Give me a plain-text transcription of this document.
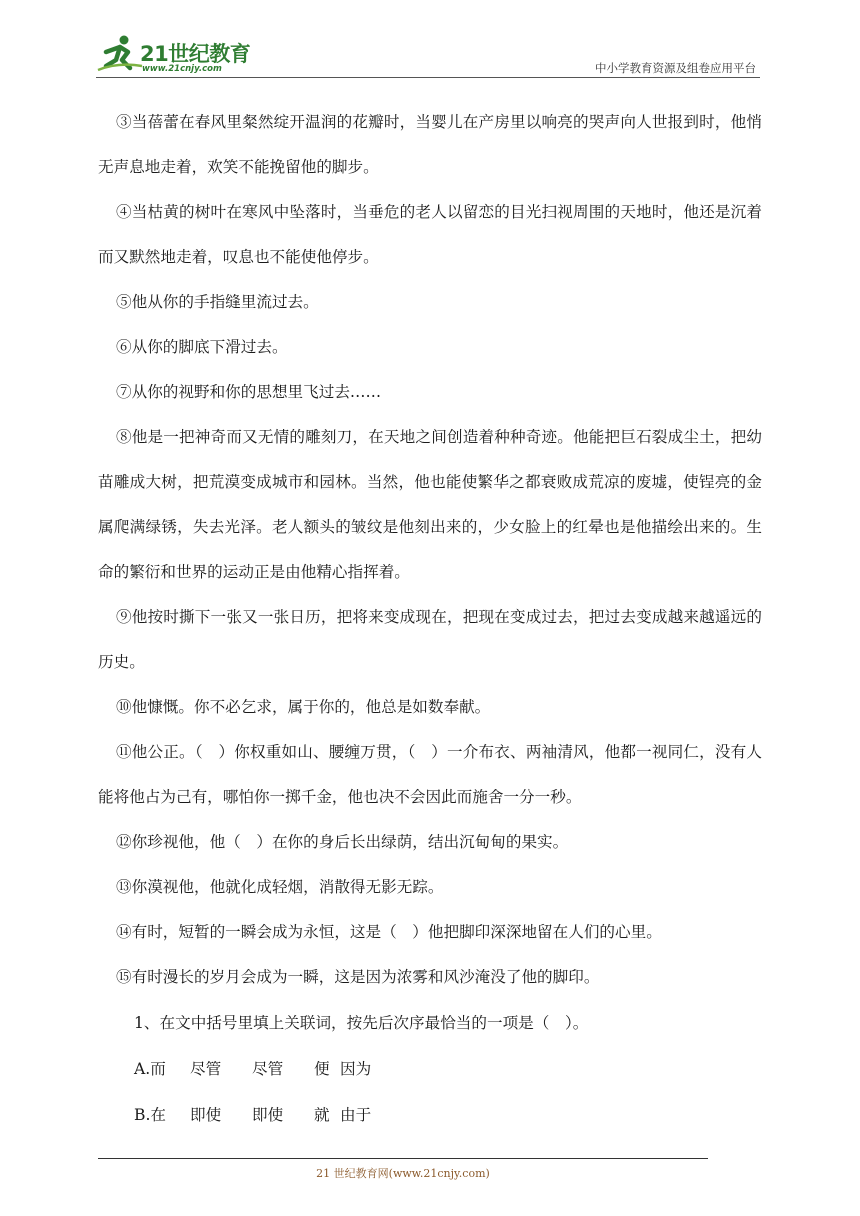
21世纪教育
www.21cnjy.com	中小学教育资源及组卷应用平台

③当蓓蕾在春风里粲然绽开温润的花瓣时，当婴儿在产房里以响亮的哭声向人世报到时，他悄无声息地走着，欢笑不能挽留他的脚步。

④当枯黄的树叶在寒风中坠落时，当垂危的老人以留恋的目光扫视周围的天地时，他还是沉着而又默然地走着，叹息也不能使他停步。

⑤他从你的手指缝里流过去。

⑥从你的脚底下滑过去。

⑦从你的视野和你的思想里飞过去……

⑧他是一把神奇而又无情的雕刻刀，在天地之间创造着种种奇迹。他能把巨石裂成尘土，把幼苗雕成大树，把荒漠变成城市和园林。当然，他也能使繁华之都衰败成荒凉的废墟，使锃亮的金属爬满绿锈，失去光泽。老人额头的皱纹是他刻出来的，少女脸上的红晕也是他描绘出来的。生命的繁衍和世界的运动正是由他精心指挥着。

⑨他按时撕下一张又一张日历，把将来变成现在，把现在变成过去，把过去变成越来越遥远的历史。

⑩他慷慨。你不必乞求，属于你的，他总是如数奉献。

⑪他公正。（　）你权重如山、腰缠万贯，（　）一介布衣、两袖清风，他都一视同仁，没有人能将他占为己有，哪怕你一掷千金，他也决不会因此而施舍一分一秒。

⑫你珍视他，他（　）在你的身后长出绿荫，结出沉甸甸的果实。

⑬你漠视他，他就化成轻烟，消散得无影无踪。

⑭有时，短暂的一瞬会成为永恒，这是（　）他把脚印深深地留在人们的心里。

⑮有时漫长的岁月会成为一瞬，这是因为浓雾和风沙淹没了他的脚印。

1、在文中括号里填上关联词，按先后次序最恰当的一项是（　）。

A.而 尽管 尽管 便 因为

B.在 即使 即使 就 由于

21 世纪教育网(www.21cnjy.com)
